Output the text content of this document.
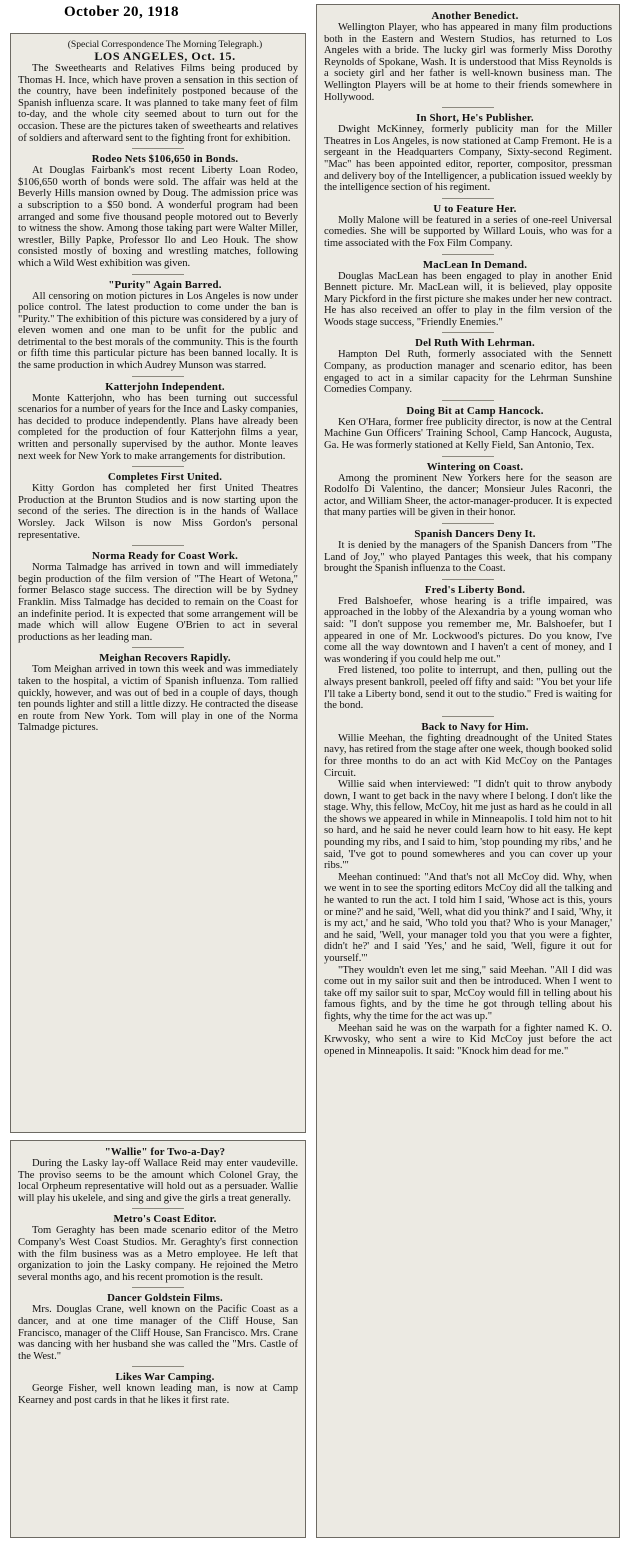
October 20, 1918

(Special Correspondence The Morning Telegraph.)

LOS ANGELES, Oct. 15.

The Sweethearts and Relatives Films being produced by Thomas H. Ince, which have proven a sensation in this section of the country, have been indefinitely postponed because of the Spanish influenza scare. It was planned to take many feet of film to-day, and the whole city seemed about to turn out for the occasion. These are the pictures taken of sweethearts and relatives of soldiers and afterward sent to the fighting front for exhibition.

Rodeo Nets $106,650 in Bonds.

At Douglas Fairbank's most recent Liberty Loan Rodeo, $106,650 worth of bonds were sold. The affair was held at the Beverly Hills mansion owned by Doug. The admission price was a subscription to a $50 bond. A wonderful program had been arranged and some five thousand people motored out to Beverly to witness the show. Among those taking part were Walter Miller, wrestler, Billy Papke, Professor Ilo and Leo Houk. The show consisted mostly of boxing and wrestling matches, following which a Wild West exhibition was given.

"Purity" Again Barred.

All censoring on motion pictures in Los Angeles is now under police control. The latest production to come under the ban is "Purity." The exhibition of this picture was considered by a jury of eleven women and one man to be unfit for the public and detrimental to the best morals of the community. This is the fourth or fifth time this particular picture has been banned locally. It is the same production in which Audrey Munson was starred.

Katterjohn Independent.

Monte Katterjohn, who has been turning out successful scenarios for a number of years for the Ince and Lasky companies, has decided to produce independently. Plans have already been completed for the production of four Katterjohn films a year, written and personally supervised by the author. Monte leaves next week for New York to make arrangements for distribution.

Completes First United.

Kitty Gordon has completed her first United Theatres Production at the Brunton Studios and is now starting upon the second of the series. The direction is in the hands of Wallace Worsley. Jack Wilson is now Miss Gordon's personal representative.

Norma Ready for Coast Work.

Norma Talmadge has arrived in town and will immediately begin production of the film version of "The Heart of Wetona," former Belasco stage success. The direction will be by Sydney Franklin. Miss Talmadge has decided to remain on the Coast for an indefinite period. It is expected that some arrangement will be made which will allow Eugene O'Brien to act in several productions as her leading man.

Meighan Recovers Rapidly.

Tom Meighan arrived in town this week and was immediately taken to the hospital, a victim of Spanish influenza. Tom rallied quickly, however, and was out of bed in a couple of days, though ten pounds lighter and still a little dizzy. He contracted the disease en route from New York. Tom will play in one of the Norma Talmadge pictures.

"Wallie" for Two-a-Day?

During the Lasky lay-off Wallace Reid may enter vaudeville. The proviso seems to be the amount which Colonel Gray, the local Orpheum representative will hold out as a persuader. Wallie will play his ukelele, and sing and give the girls a treat generally.

Metro's Coast Editor.

Tom Geraghty has been made scenario editor of the Metro Company's West Coast Studios. Mr. Geraghty's first connection with the film business was as a Metro employee. He left that organization to join the Lasky company. He rejoined the Metro several months ago, and his recent promotion is the result.

Dancer Goldstein Films.

Mrs. Douglas Crane, well known on the Pacific Coast as a dancer, and at one time manager of the Cliff House, San Francisco, manager of the Cliff House, San Francisco. Mrs. Crane was dancing with her husband she was called the "Mrs. Castle of the West."

Likes War Camping.

George Fisher, well known leading man, is now at Camp Kearney and post cards in that he likes it first rate.

Another Benedict.

Wellington Player, who has appeared in many film productions both in the Eastern and Western Studios, has returned to Los Angeles with a bride. The lucky girl was formerly Miss Dorothy Reynolds of Spokane, Wash. It is understood that Miss Reynolds is a society girl and her father is well-known business man. The Wellington Players will be at home to their friends somewhere in Hollywood.

In Short, He's Publisher.

Dwight McKinney, formerly publicity man for the Miller Theatres in Los Angeles, is now stationed at Camp Fremont. He is a sergeant in the Headquarters Company, Sixty-second Regiment. "Mac" has been appointed editor, reporter, compositor, pressman and delivery boy of the Intelligencer, a publication issued weekly by the intelligence section of his regiment.

U to Feature Her.

Molly Malone will be featured in a series of one-reel Universal comedies. She will be supported by Willard Louis, who was for a time associated with the Fox Film Company.

MacLean In Demand.

Douglas MacLean has been engaged to play in another Enid Bennett picture. Mr. MacLean will, it is believed, play opposite Mary Pickford in the first picture she makes under her new contract. He has also received an offer to play in the film version of the Woods stage success, "Friendly Enemies."

Del Ruth With Lehrman.

Hampton Del Ruth, formerly associated with the Sennett Company, as production manager and scenario editor, has been engaged to act in a similar capacity for the Lehrman Sunshine Comedies Company.

Doing Bit at Camp Hancock.

Ken O'Hara, former free publicity director, is now at the Central Machine Gun Officers' Training School, Camp Hancock, Augusta, Ga. He was formerly stationed at Kelly Field, San Antonio, Tex.

Wintering on Coast.

Among the prominent New Yorkers here for the season are Rodolfo Di Valentino, the dancer; Monsieur Jules Raconri, the actor, and William Sheer, the actor-manager-producer. It is expected that many parties will be given in their honor.

Spanish Dancers Deny It.

It is denied by the managers of the Spanish Dancers from "The Land of Joy," who played Pantages this week, that his company brought the Spanish influenza to the Coast.

Fred's Liberty Bond.

Fred Balshoefer, whose hearing is a trifle impaired, was approached in the lobby of the Alexandria by a young woman who said: "I don't suppose you remember me, Mr. Balshoefer, but I appeared in one of Mr. Lockwood's pictures. Do you know, I've come all the way downtown and I haven't a cent of money, and I was wondering if you could help me out."

Fred listened, too polite to interrupt, and then, pulling out the always present bankroll, peeled off fifty and said: "You bet your life I'll take a Liberty bond, send it out to the studio." Fred is waiting for the bond.

Back to Navy for Him.

Willie Meehan, the fighting dreadnought of the United States navy, has retired from the stage after one week, though booked solid for three months to do an act with Kid McCoy on the Pantages Circuit.

Willie said when interviewed: "I didn't quit to throw anybody down, I want to get back in the navy where I belong. I don't like the stage. Why, this fellow, McCoy, hit me just as hard as he could in all the shows we appeared in while in Minneapolis. I told him not to hit so hard, and he said he never could learn how to hit easy. He kept pounding my ribs, and I said to him, 'stop pounding my ribs,' and he said, 'I've got to pound somewheres and you can cover up your ribs.'"

Meehan continued: "And that's not all McCoy did. Why, when we went in to see the sporting editors McCoy did all the talking and he wanted to run the act. I told him I said, 'Whose act is this, yours or mine?' and he said, 'Well, what did you think?' and I said, 'Why, it is my act,' and he said, 'Who told you that? Who is your Manager,' and he said, 'Well, your manager told you that you were a fighter, didn't he?' and I said 'Yes,' and he said, 'Well, figure it out for yourself.'"

"They wouldn't even let me sing," said Meehan. "All I did was come out in my sailor suit and then be introduced. When I went to take off my sailor suit to spar, McCoy would fill in telling about his famous fights, and by the time he got through telling about his fights, why the time for the act was up."

Meehan said he was on the warpath for a fighter named K. O. Krwvosky, who sent a wire to Kid McCoy just before the act opened in Minneapolis. It said: "Knock him dead for me."
